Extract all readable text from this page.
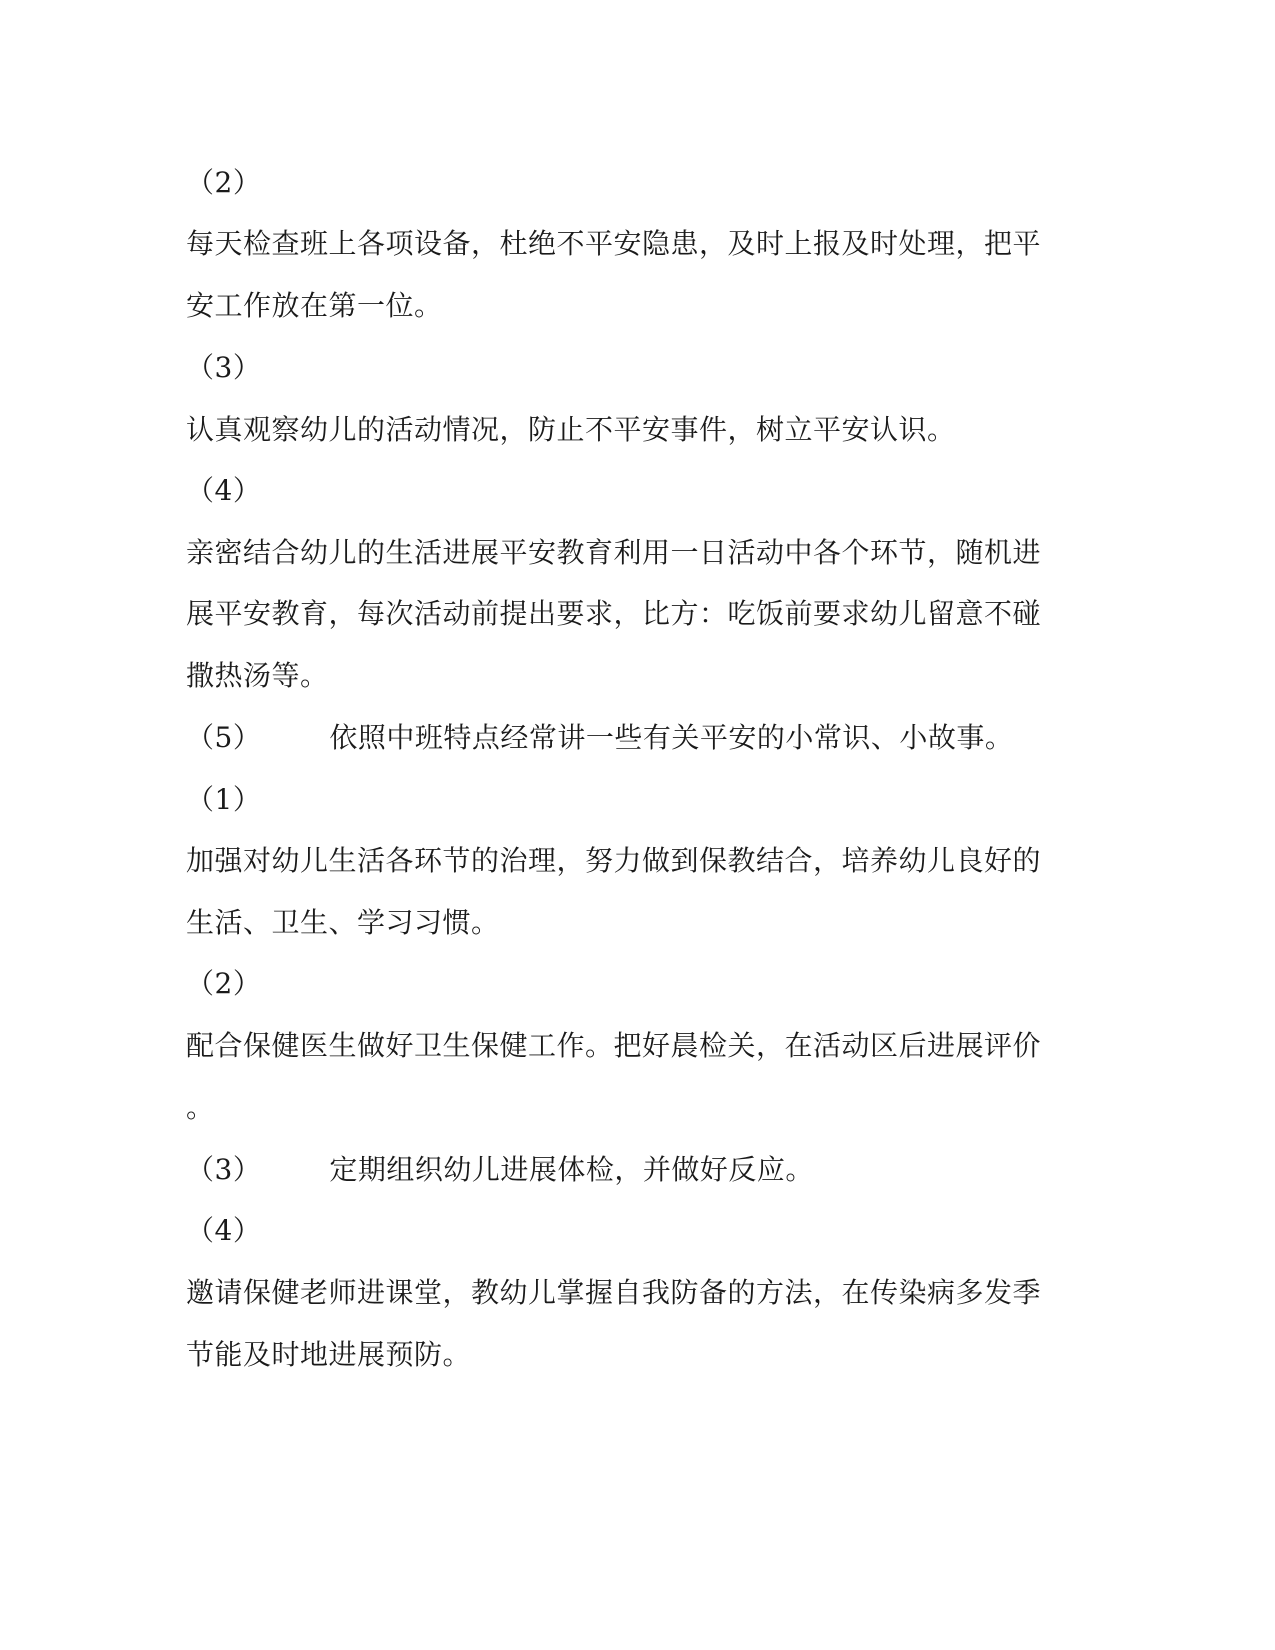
（2）
每天检查班上各项设备，杜绝不平安隐患，及时上报及时处理，把平
安工作放在第一位。
（3）
认真观察幼儿的活动情况，防止不平安事件，树立平安认识。
（4）
亲密结合幼儿的生活进展平安教育利用一日活动中各个环节，随机进
展平安教育，每次活动前提出要求，比方：吃饭前要求幼儿留意不碰
撒热汤等。
（5） 依照中班特点经常讲一些有关平安的小常识、小故事。
（1）
加强对幼儿生活各环节的治理，努力做到保教结合，培养幼儿良好的
生活、卫生、学习习惯。
（2）
配合保健医生做好卫生保健工作。把好晨检关，在活动区后进展评价
。
（3） 定期组织幼儿进展体检，并做好反应。
（4）
邀请保健老师进课堂，教幼儿掌握自我防备的方法，在传染病多发季
节能及时地进展预防。
